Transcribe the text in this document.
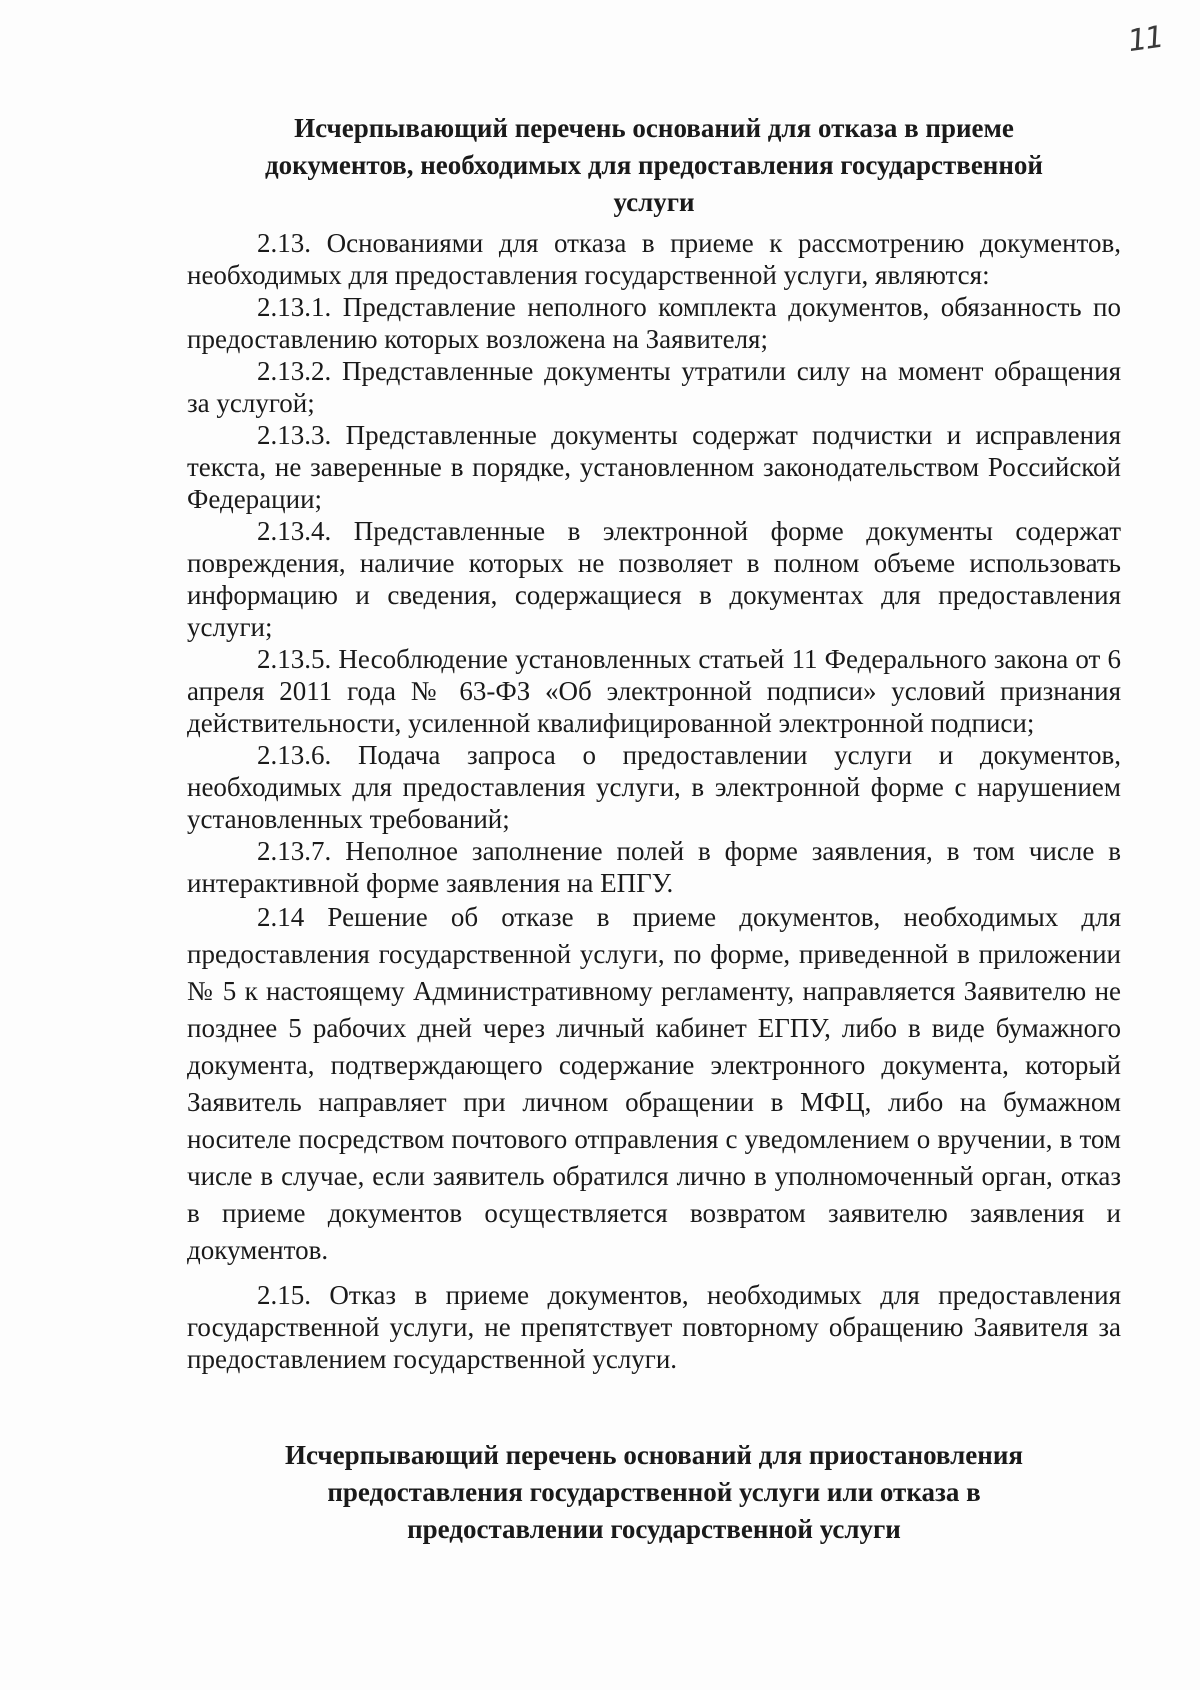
11
Исчерпывающий перечень оснований для отказа в приеме документов, необходимых для предоставления государственной услуги

2.13. Основаниями для отказа в приеме к рассмотрению документов, необходимых для предоставления государственной услуги, являются:

2.13.1. Представление неполного комплекта документов, обязанность по предоставлению которых возложена на Заявителя;

2.13.2. Представленные документы утратили силу на момент обращения за услугой;

2.13.3. Представленные документы содержат подчистки и исправления текста, не заверенные в порядке, установленном законодательством Российской Федерации;

2.13.4. Представленные в электронной форме документы содержат повреждения, наличие которых не позволяет в полном объеме использовать информацию и сведения, содержащиеся в документах для предоставления услуги;

2.13.5. Несоблюдение установленных статьей 11 Федерального закона от 6 апреля 2011 года № 63-ФЗ «Об электронной подписи» условий признания действительности, усиленной квалифицированной электронной подписи;

2.13.6. Подача запроса о предоставлении услуги и документов, необходимых для предоставления услуги, в электронной форме с нарушением установленных требований;

2.13.7. Неполное заполнение полей в форме заявления, в том числе в интерактивной форме заявления на ЕПГУ.

2.14 Решение об отказе в приеме документов, необходимых для предоставления государственной услуги, по форме, приведенной в приложении № 5 к настоящему Административному регламенту, направляется Заявителю не позднее 5 рабочих дней через личный кабинет ЕГПУ, либо в виде бумажного документа, подтверждающего содержание электронного документа, который Заявитель направляет при личном обращении в МФЦ, либо на бумажном носителе посредством почтового отправления с уведомлением о вручении, в том числе в случае, если заявитель обратился лично в уполномоченный орган, отказ в приеме документов осуществляется возвратом заявителю заявления и документов.

2.15. Отказ в приеме документов, необходимых для предоставления государственной услуги, не препятствует повторному обращению Заявителя за предоставлением государственной услуги.

Исчерпывающий перечень оснований для приостановления предоставления государственной услуги или отказа в предоставлении государственной услуги
